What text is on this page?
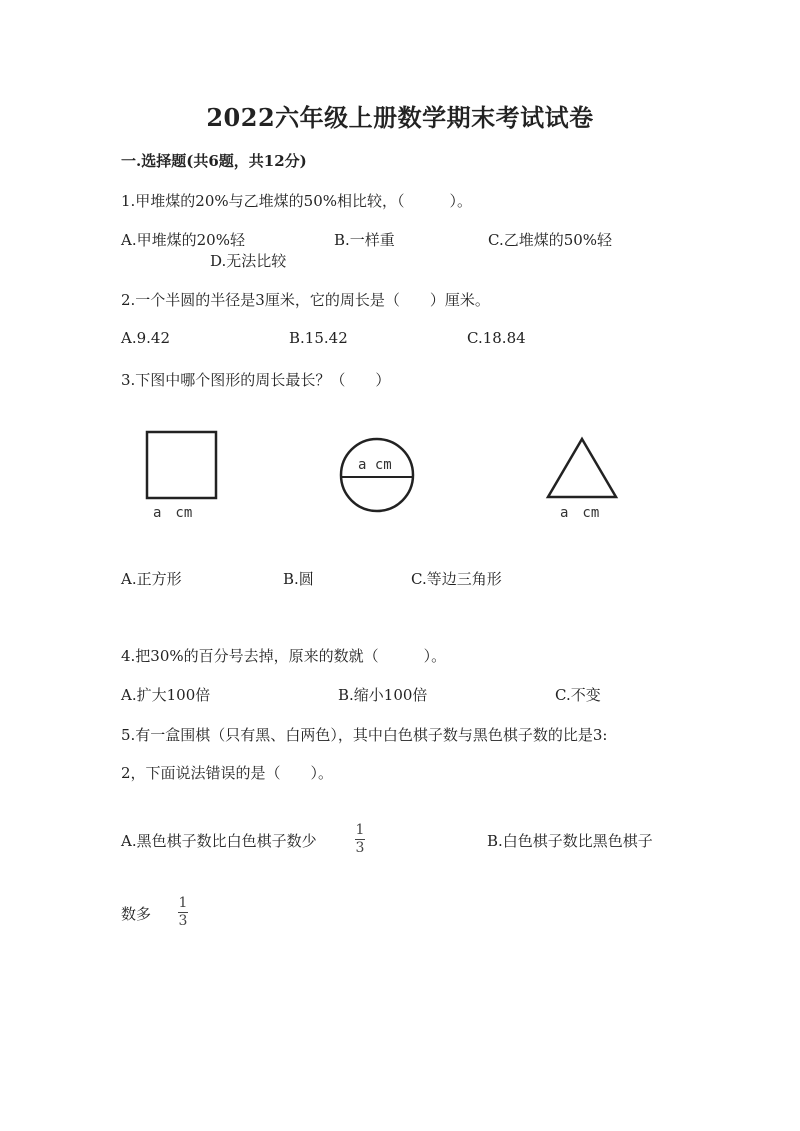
2022六年级上册数学期末考试试卷
一.选择题(共6题，共12分)
1.甲堆煤的20%与乙堆煤的50%相比较，（　　　）。
A.甲堆煤的20%轻	B.一样重	C.乙堆煤的50%轻
D.无法比较
2.一个半圆的半径是3厘米，它的周长是（　　）厘米。
A.9.42	B.15.42	C.18.84
3.下图中哪个图形的周长最长？（　　）
a　cm
a cm
a　cm
A.正方形	B.圆	C.等边三角形
4.把30%的百分号去掉，原来的数就（　　　）。
A.扩大100倍	B.缩小100倍	C.不变
5.有一盒围棋（只有黑、白两色），其中白色棋子数与黑色棋子数的比是3:
2，下面说法错误的是（　　）。
A.黑色棋子数比白色棋子数少
1
3	B.白色棋子数比黑色棋子
数多
1
3
